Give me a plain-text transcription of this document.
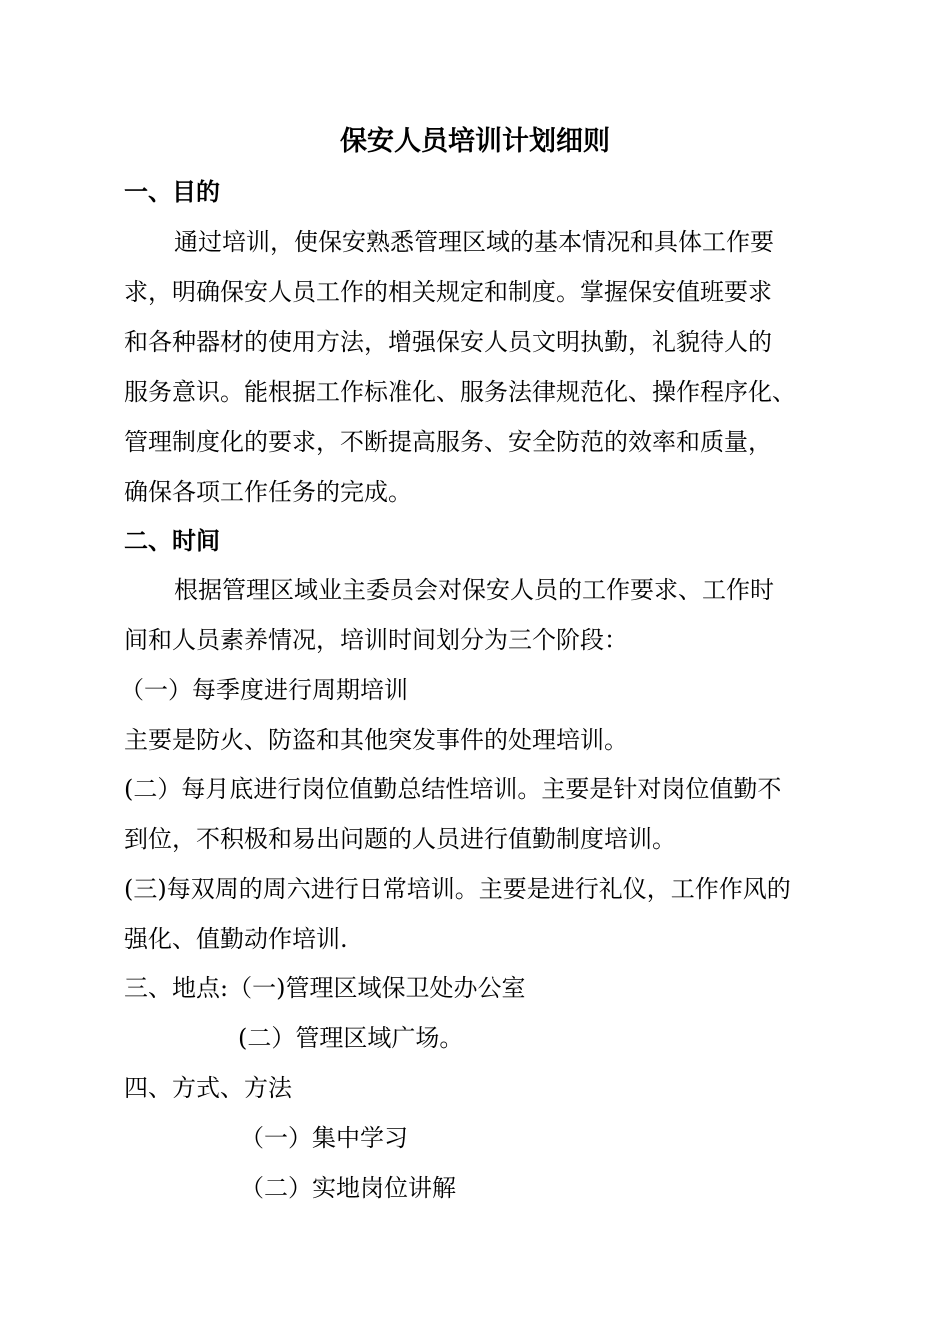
保安人员培训计划细则

一、目的

通过培训，使保安熟悉管理区域的基本情况和具体工作要

求，明确保安人员工作的相关规定和制度。掌握保安值班要求

和各种器材的使用方法，增强保安人员文明执勤，礼貌待人的

服务意识。能根据工作标准化、服务法律规范化、操作程序化、

管理制度化的要求，不断提高服务、安全防范的效率和质量，

确保各项工作任务的完成。

二、时间

根据管理区域业主委员会对保安人员的工作要求、工作时

间和人员素养情况，培训时间划分为三个阶段：

（一）每季度进行周期培训

主要是防火、防盗和其他突发事件的处理培训。

(二）每月底进行岗位值勤总结性培训。主要是针对岗位值勤不

到位，不积极和易出问题的人员进行值勤制度培训。

(三)每双周的周六进行日常培训。主要是进行礼仪，工作作风的

强化、值勤动作培训.

三、地点:（一)管理区域保卫处办公室

(二）管理区域广场。

四、方式、方法

（一）集中学习

（二）实地岗位讲解
